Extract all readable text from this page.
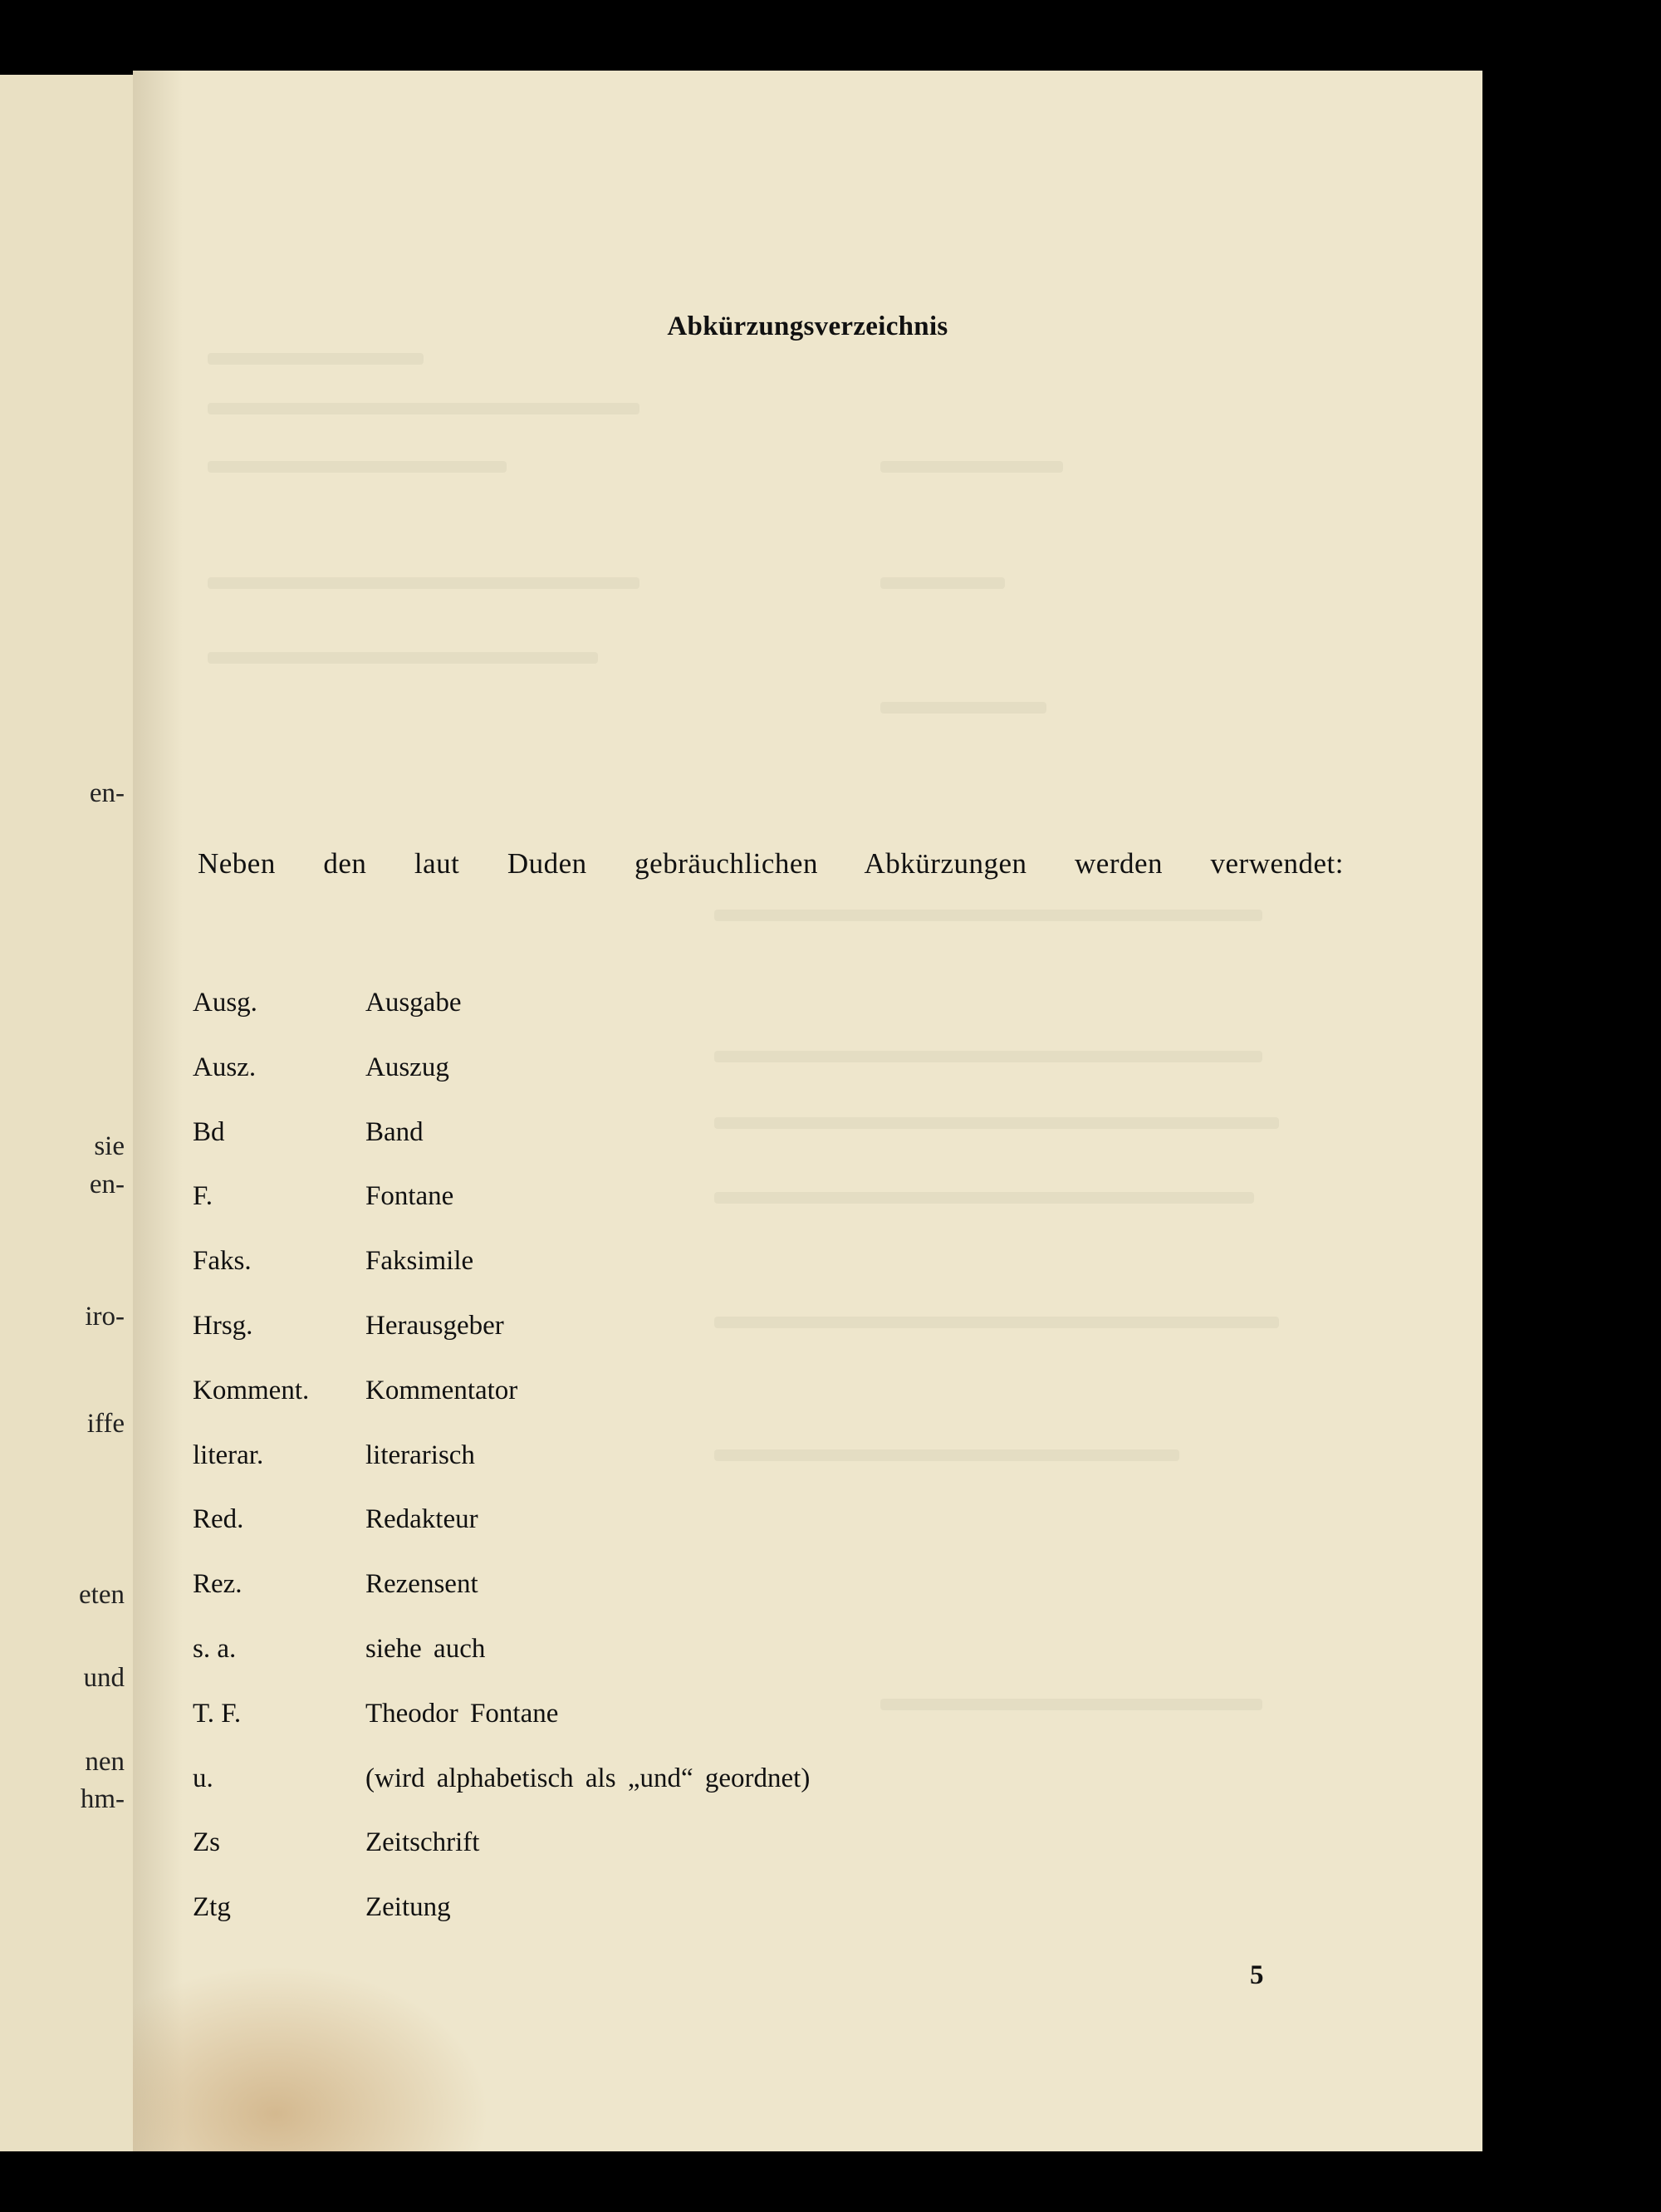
en-
sie
en-
iro-
iffe
eten
und
nen
hm-
Abkürzungsverzeichnis
Neben den laut Duden gebräuchlichen Abkürzungen werden verwendet:
Ausg.	Ausgabe
Ausz.	Auszug
Bd	Band
F.	Fontane
Faks.	Faksimile
Hrsg.	Herausgeber
Komment.	Kommentator
literar.	literarisch
Red.	Redakteur
Rez.	Rezensent
s. a.	siehe auch
T. F.	Theodor Fontane
u.	(wird alphabetisch als „und“ geordnet)
Zs	Zeitschrift
Ztg	Zeitung
5
